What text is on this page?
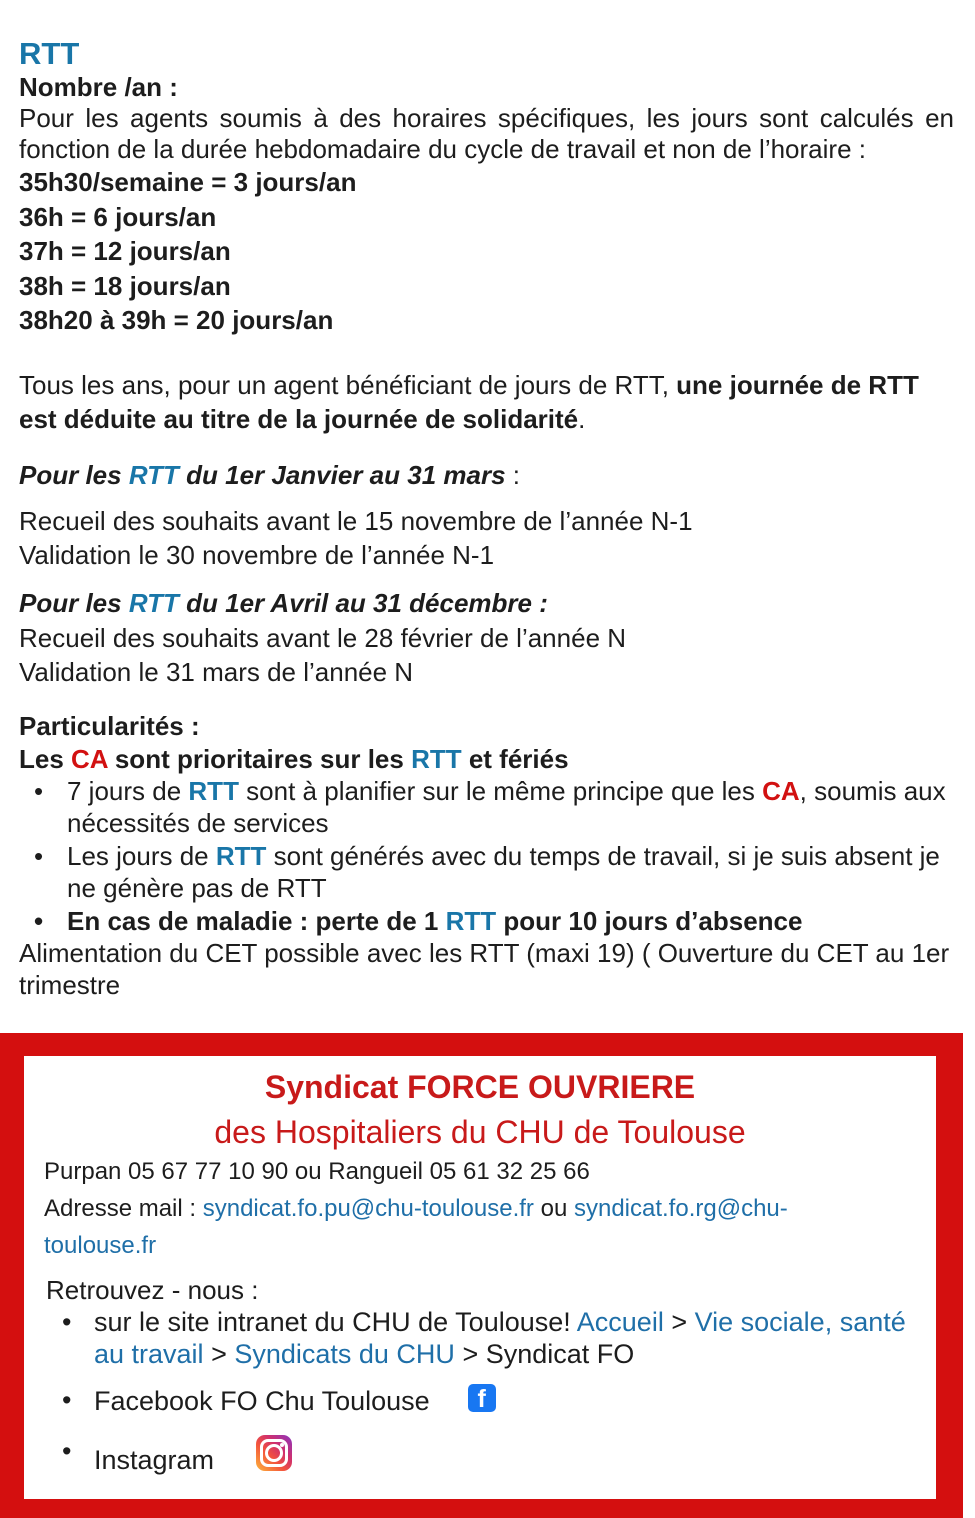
RTT
Nombre /an :
Pour les agents soumis à des horaires spécifiques, les jours sont calculés en fonction de la durée hebdomadaire du cycle de travail et non de l’horaire :
35h30/semaine = 3 jours/an
36h = 6 jours/an
37h = 12 jours/an
38h = 18 jours/an
38h20 à 39h = 20 jours/an
Tous les ans, pour un agent bénéficiant de jours de RTT, une journée de RTT est déduite au titre de la journée de solidarité.
Pour les RTT du 1er Janvier au 31 mars :
Recueil des souhaits avant le 15 novembre de l’année N-1
Validation le 30 novembre de l’année N-1
Pour les RTT du 1er Avril au 31 décembre :
Recueil des souhaits avant le 28 février de l’année N
Validation le 31 mars de l’année N
Particularités :
Les CA sont prioritaires sur les RTT et fériés
• 7 jours de RTT sont à planifier sur le même principe que les CA, soumis aux nécessités de services
• Les jours de RTT sont générés avec du temps de travail, si je suis absent je ne génère pas de RTT
• En cas de maladie : perte de 1 RTT pour 10 jours d’absence
Alimentation du CET possible avec les RTT (maxi 19) ( Ouverture du CET au 1er trimestre
Syndicat FORCE OUVRIERE
des Hospitaliers du CHU de Toulouse
Purpan 05 67 77 10 90 ou Rangueil 05 61 32 25 66
Adresse mail : syndicat.fo.pu@chu-toulouse.fr ou syndicat.fo.rg@chu-
toulouse.fr
Retrouvez - nous :
• sur le site intranet du CHU de Toulouse! Accueil > Vie sociale, santé au travail > Syndicats du CHU > Syndicat FO
• Facebook FO Chu Toulouse f
• Instagram
